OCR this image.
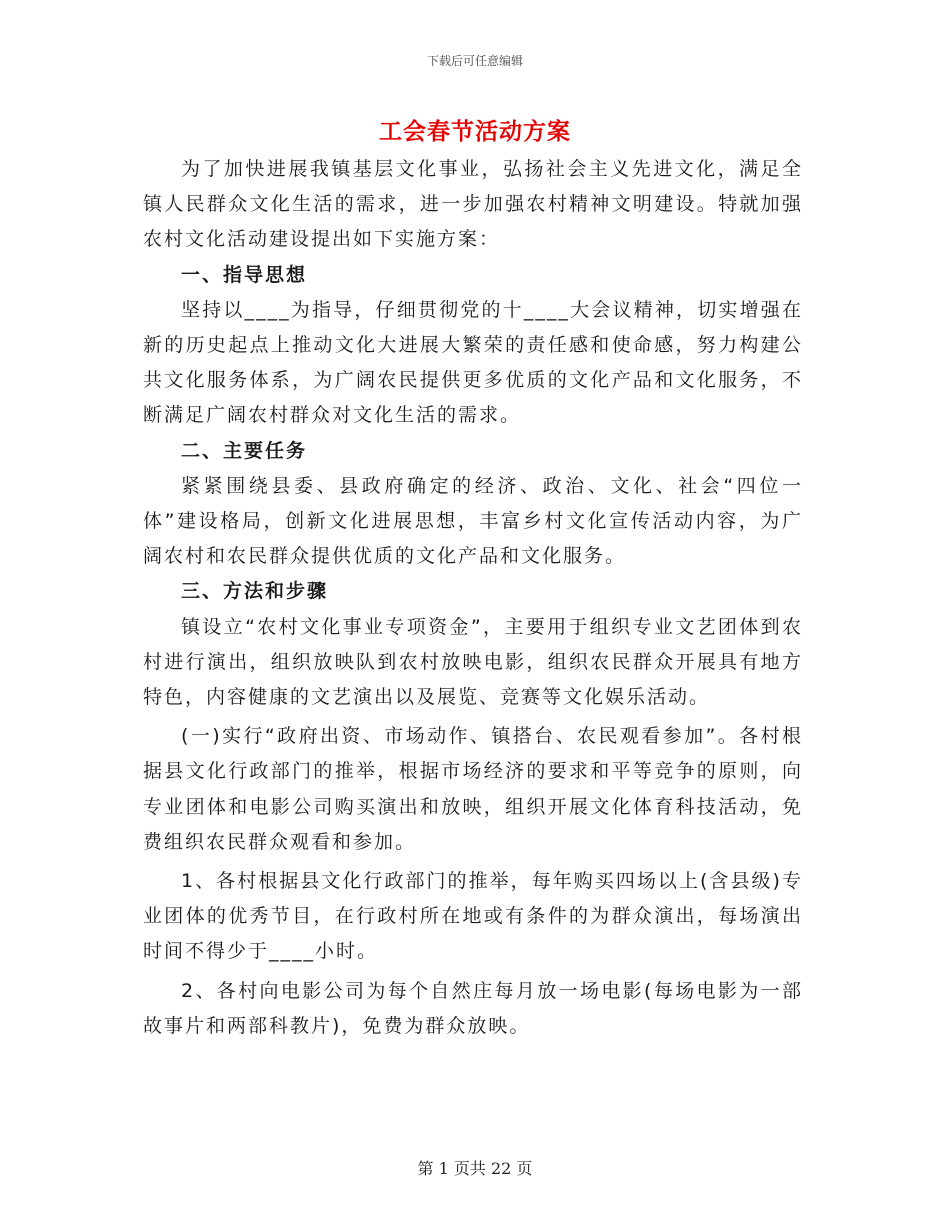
下载后可任意编辑
工会春节活动方案

为了加快进展我镇基层文化事业，弘扬社会主义先进文化，满足全镇人民群众文化生活的需求，进一步加强农村精神文明建设。特就加强农村文化活动建设提出如下实施方案：

一、指导思想

坚持以____为指导，仔细贯彻党的十____大会议精神，切实增强在新的历史起点上推动文化大进展大繁荣的责任感和使命感，努力构建公共文化服务体系，为广阔农民提供更多优质的文化产品和文化服务，不断满足广阔农村群众对文化生活的需求。

二、主要任务

紧紧围绕县委、县政府确定的经济、政治、文化、社会“四位一体”建设格局，创新文化进展思想，丰富乡村文化宣传活动内容，为广阔农村和农民群众提供优质的文化产品和文化服务。

三、方法和步骤

镇设立“农村文化事业专项资金”，主要用于组织专业文艺团体到农村进行演出，组织放映队到农村放映电影，组织农民群众开展具有地方特色，内容健康的文艺演出以及展览、竞赛等文化娱乐活动。

(一)实行“政府出资、市场动作、镇搭台、农民观看参加”。各村根据县文化行政部门的推举，根据市场经济的要求和平等竞争的原则，向专业团体和电影公司购买演出和放映，组织开展文化体育科技活动，免费组织农民群众观看和参加。

1、各村根据县文化行政部门的推举，每年购买四场以上(含县级)专业团体的优秀节目，在行政村所在地或有条件的为群众演出，每场演出时间不得少于____小时。

2、各村向电影公司为每个自然庄每月放一场电影(每场电影为一部故事片和两部科教片)，免费为群众放映。

第 1 页共 22 页
